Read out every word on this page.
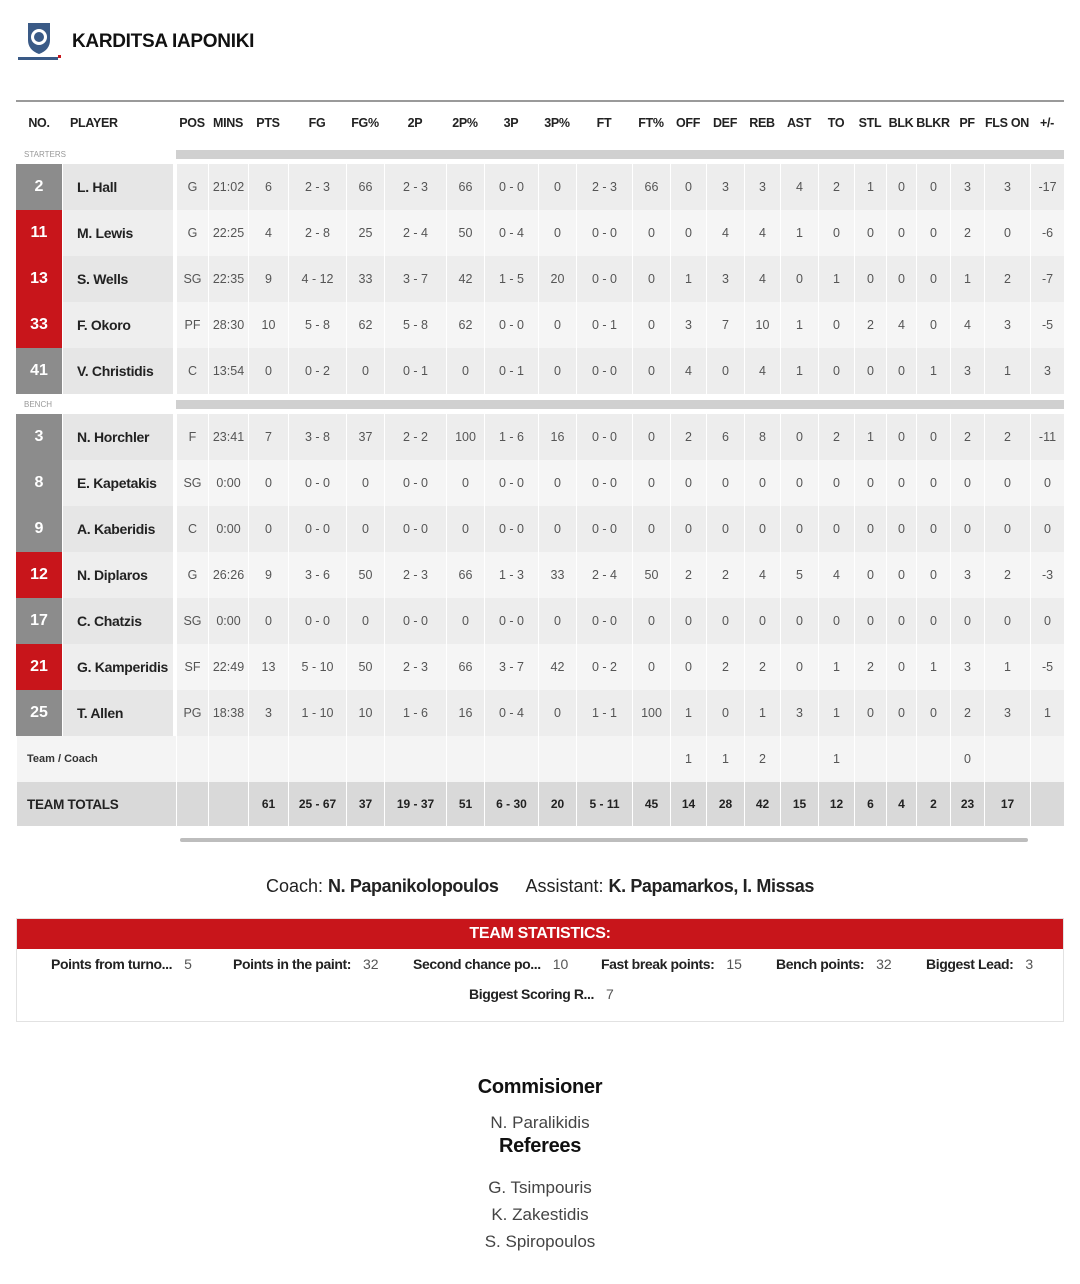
KARDITSA IAPONIKI
NO.	PLAYER	POS	MINS	PTS	FG	FG%	2P	2P%	3P	3P%	FT	FT%	OFF	DEF	REB	AST	TO	STL	BLK	BLKR	PF	FLS ON	+/-
STARTERS																							

2	L. Hall	G	21:02	6	2 - 3	66	2 - 3	66	0 - 0	0	2 - 3	66	0	3	3	4	2	1	0	0	3	3	-17
11	M. Lewis	G	22:25	4	2 - 8	25	2 - 4	50	0 - 4	0	0 - 0	0	0	4	4	1	0	0	0	0	2	0	-6
13	S. Wells	SG	22:35	9	4 - 12	33	3 - 7	42	1 - 5	20	0 - 0	0	1	3	4	0	1	0	0	0	1	2	-7
33	F. Okoro	PF	28:30	10	5 - 8	62	5 - 8	62	0 - 0	0	0 - 1	0	3	7	10	1	0	2	4	0	4	3	-5
41	V. Christidis	C	13:54	0	0 - 2	0	0 - 1	0	0 - 1	0	0 - 0	0	4	0	4	1	0	0	0	1	3	1	3
BENCH																							

3	N. Horchler	F	23:41	7	3 - 8	37	2 - 2	100	1 - 6	16	0 - 0	0	2	6	8	0	2	1	0	0	2	2	-11
8	E. Kapetakis	SG	0:00	0	0 - 0	0	0 - 0	0	0 - 0	0	0 - 0	0	0	0	0	0	0	0	0	0	0	0	0
9	A. Kaberidis	C	0:00	0	0 - 0	0	0 - 0	0	0 - 0	0	0 - 0	0	0	0	0	0	0	0	0	0	0	0	0
12	N. Diplaros	G	26:26	9	3 - 6	50	2 - 3	66	1 - 3	33	2 - 4	50	2	2	4	5	4	0	0	0	3	2	-3
17	C. Chatzis	SG	0:00	0	0 - 0	0	0 - 0	0	0 - 0	0	0 - 0	0	0	0	0	0	0	0	0	0	0	0	0
21	G. Kamperidis	SF	22:49	13	5 - 10	50	2 - 3	66	3 - 7	42	0 - 2	0	0	2	2	0	1	2	0	1	3	1	-5
25	T. Allen	PG	18:38	3	1 - 10	10	1 - 6	16	0 - 4	0	1 - 1	100	1	0	1	3	1	0	0	0	2	3	1
Team / Coach													1	1	2		1				0		
TEAM TOTALS				61	25 - 67	37	19 - 37	51	6 - 30	20	5 - 11	45	14	28	42	15	12	6	4	2	23	17	
Coach: N. Papanikolopoulos Assistant: K. Papamarkos, I. Missas
TEAM STATISTICS:
Points from turno... 5	Points in the paint: 32 Second chance po... 10 Fast break points: 15 Bench points: 32 Biggest Lead: 3
Biggest Scoring R... 7
Commisioner
N. Paralikidis
Referees
G. Tsimpouris
K. Zakestidis
S. Spiropoulos
